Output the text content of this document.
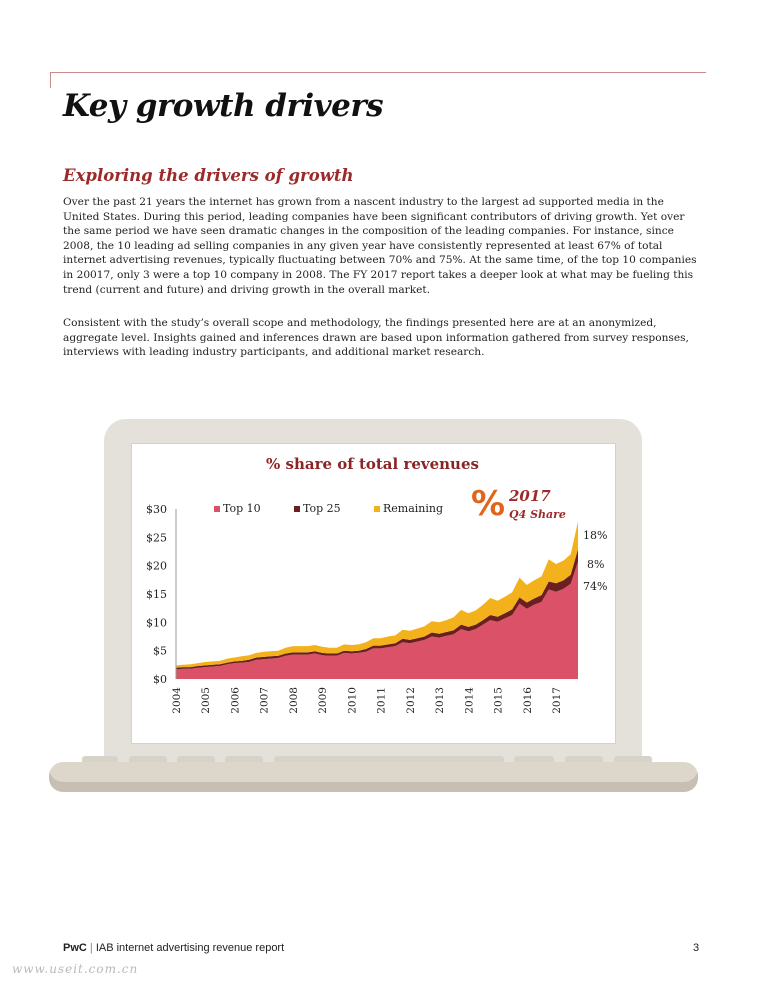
Key growth drivers
Exploring the drivers of growth

Over the past 21 years the internet has grown from a nascent industry to the largest ad supported media in the United States. During this period, leading companies have been significant contributors of driving growth. Yet over the same period we have seen dramatic changes in the composition of the leading companies. For instance, since 2008, the 10 leading ad selling companies in any given year have consistently represented at least 67% of total internet advertising revenues, typically fluctuating between 70% and 75%. At the same time, of the top 10 companies in 20017, only 3 were a top 10 company in 2008. The FY 2017 report takes a deeper look at what may be fueling this trend (current and future) and driving growth in the overall market.

Consistent with the study’s overall scope and methodology, the findings presented here are at an anonymized, aggregate level. Insights gained and inferences drawn are based upon information gathered from survey responses, interviews with leading industry participants, and additional market research.

% share of total revenues
Top 10	Top 25	Remaining % 2017
Q4 Share
18%
8%
74%
$0
$5
$10
$15
$20
$25
$30
2004 2005 2006 2007 2008 2009 2010 2011 2012 2013 2014 2015 2016 2017
PwC | IAB internet advertising revenue report	3
www.useit.com.cn
